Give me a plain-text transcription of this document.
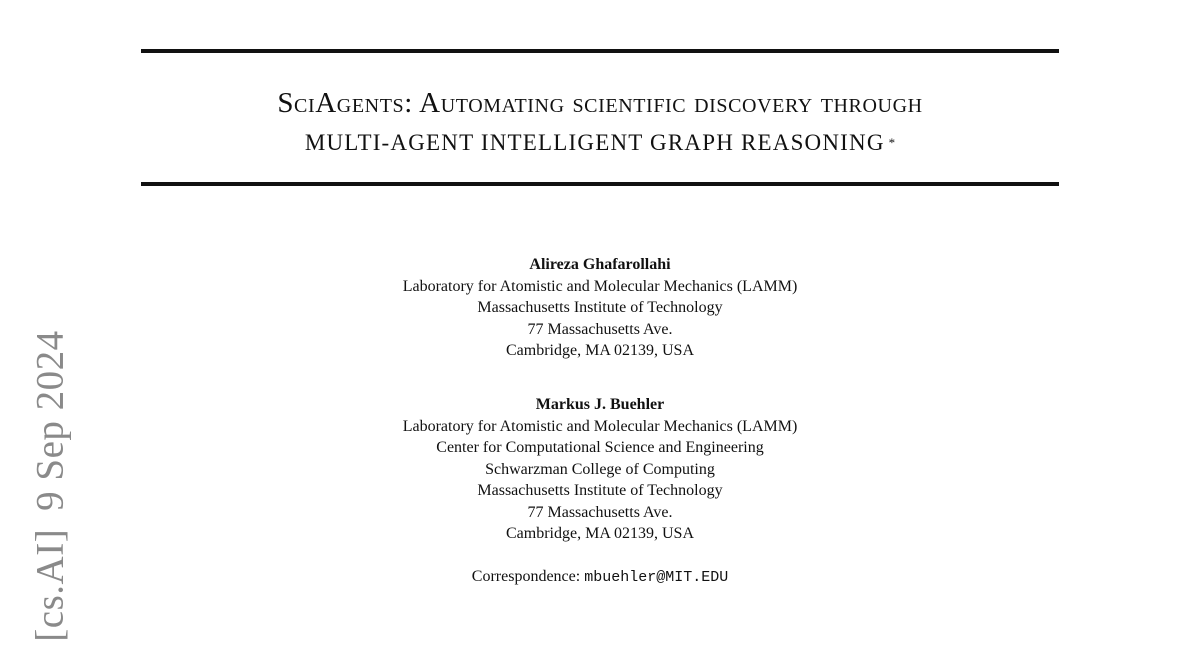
SciAgents: Automating scientific discovery through
MULTI-AGENT INTELLIGENT GRAPH REASONING *
Alireza Ghafarollahi
Laboratory for Atomistic and Molecular Mechanics (LAMM)
Massachusetts Institute of Technology
77 Massachusetts Ave.
Cambridge, MA 02139, USA
Markus J. Buehler
Laboratory for Atomistic and Molecular Mechanics (LAMM)
Center for Computational Science and Engineering
Schwarzman College of Computing
Massachusetts Institute of Technology
77 Massachusetts Ave.
Cambridge, MA 02139, USA
Correspondence: mbuehler@MIT.EDU
[cs.AI]9 Sep 2024
